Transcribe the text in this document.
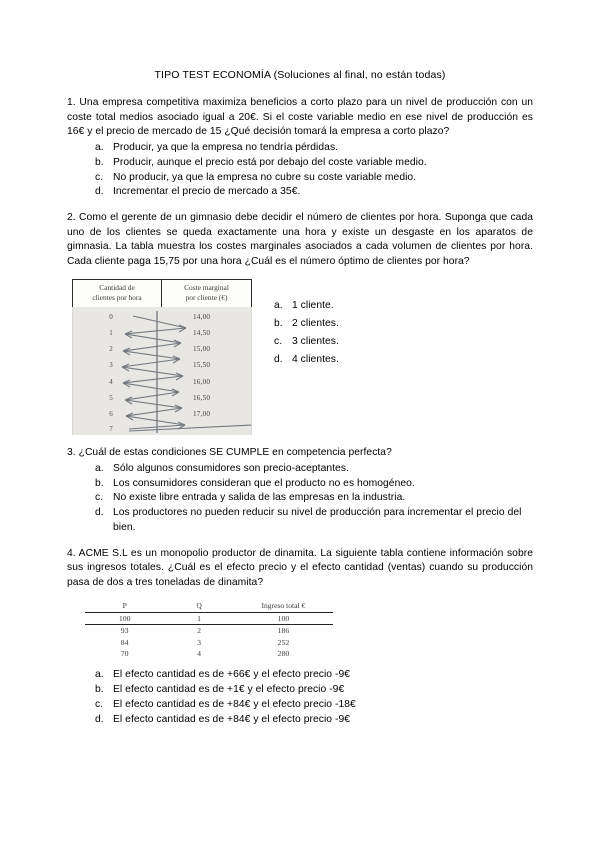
TIPO TEST ECONOMÍA (Soluciones al final, no están todas)

1. Una empresa competitiva maximiza beneficios a corto plazo para un nivel de producción con un coste total medios asociado igual a 20€. Si el coste variable medio en ese nivel de producción es 16€ y el precio de mercado de 15 ¿Qué decisión tomará la empresa a corto plazo?

a. Producir, ya que la empresa no tendría pérdidas.
b. Producir, aunque el precio está por debajo del coste variable medio.
c. No producir, ya que la empresa no cubre su coste variable medio.
d. Incrementar el precio de mercado a 35€.

2. Como el gerente de un gimnasio debe decidir el número de clientes por hora. Suponga que cada uno de los clientes se queda exactamente una hora y existe un desgaste en los aparatos de gimnasia. La tabla muestra los costes marginales asociados a cada volumen de clientes por hora. Cada cliente paga 15,75 por una hora ¿Cuál es el número óptimo de clientes por hora?

Cantidad de
clientes por hora
Coste marginal
por cliente (€)
0	14,00
1	14,50
2	15,00
3	15,50
4	16,00
5	16,50
6	17,00
7
a. 1 cliente.
b. 2 clientes.
c. 3 clientes.
d. 4 clientes.

3. ¿Cuál de estas condiciones SE CUMPLE en competencia perfecta?

a. Sólo algunos consumidores son precio-aceptantes.
b. Los consumidores consideran que el producto no es homogéneo.
c. No existe libre entrada y salida de las empresas en la industria.
d. Los productores no pueden reducir su nivel de producción para incrementar el precio del bien.

4. ACME S.L es un monopolio productor de dinamita. La siguiente tabla contiene información sobre sus ingresos totales. ¿Cuál es el efecto precio y el efecto cantidad (ventas) cuando su producción pasa de dos a tres toneladas de dinamita?

P	Q	Ingreso total €
100	1	100
93	2	186
84	3	252
70	4	280
a. El efecto cantidad es de +66€ y el efecto precio -9€
b. El efecto cantidad es de +1€ y el efecto precio -9€
c. El efecto cantidad es de +84€ y el efecto precio -18€
d. El efecto cantidad es de +84€ y el efecto precio -9€
